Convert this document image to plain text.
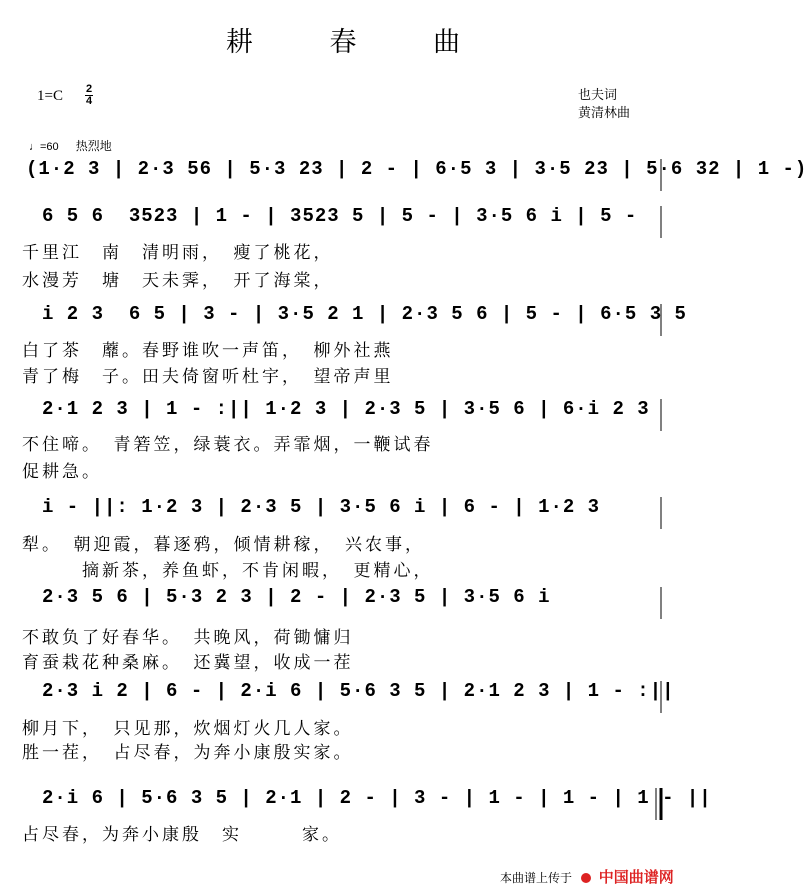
耕 春 曲
1=C 2
4	也夫词
黄清林曲
♩=60 热烈地
(1·2 3 | 2·3 56 | 5·3 23 | 2 - | 6·5 3 | 3·5 23 | 5·6 32 | 1 -)
6 5 6  3523 | 1 - | 3523 5 | 5 - | 3·5 6 i | 5 -
千里江　南　清明雨，　瘦了桃花，
水漫芳　塘　天未霁，　开了海棠，
i 2 3  6 5 | 3 - | 3·5 2 1 | 2·3 5 6 | 5 - | 6·5 3 5
白了茶　蘼。春野谁吹一声笛，　柳外社燕
青了梅　子。田夫倚窗听杜宇，　望帝声里
2·1 2 3 | 1 - :|| 1·2 3 | 2·3 5 | 3·5 6 | 6·i 2 3
不住啼。　青箬笠，绿蓑衣。弄霏烟，一鞭试春
促耕急。
i - ||: 1·2 3 | 2·3 5 | 3·5 6 i | 6 - | 1·2 3
犁。　朝迎霞，暮逐鸦，倾情耕稼，　兴农事，
　　　摘新茶，养鱼虾，不肯闲暇，　更精心，
2·3 5 6 | 5·3 2 3 | 2 - | 2·3 5 | 3·5 6 i
不敢负了好春华。　共晚风，荷锄慵归
育蚕栽花种桑麻。　还冀望，收成一茬
2·3 i 2 | 6 - | 2·i 6 | 5·6 3 5 | 2·1 2 3 | 1 - :||
柳月下，　只见那，炊烟灯火几人家。
胜一茬，　占尽春，为奔小康殷实家。
2·i 6 | 5·6 3 5 | 2·1 | 2 - | 3 - | 1 - | 1 - | 1 - ||
占尽春，为奔小康殷　实　　　家。
本曲谱上传于 中国曲谱网
